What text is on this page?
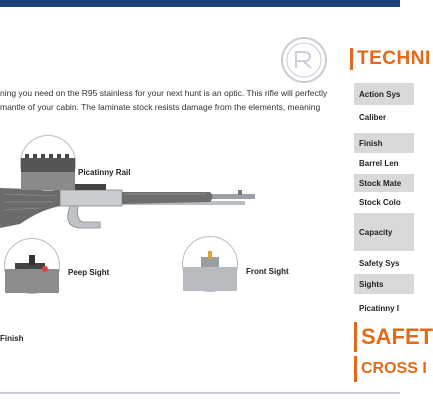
ning you need on the R95 stainless for your next hunt is an optic. This rifle will perfectly
mantle of your cabin. The laminate stock resists damage from the elements, meaning
TECHNI
Action Sys
Caliber
Finish
Barrel Len
Stock Mate
Stock Colo
Capacity
Safety Sys
Sights
Picatinny I
SAFET
CROSS I
Picatinny Rail
Peep Sight	Front Sight
Finish
